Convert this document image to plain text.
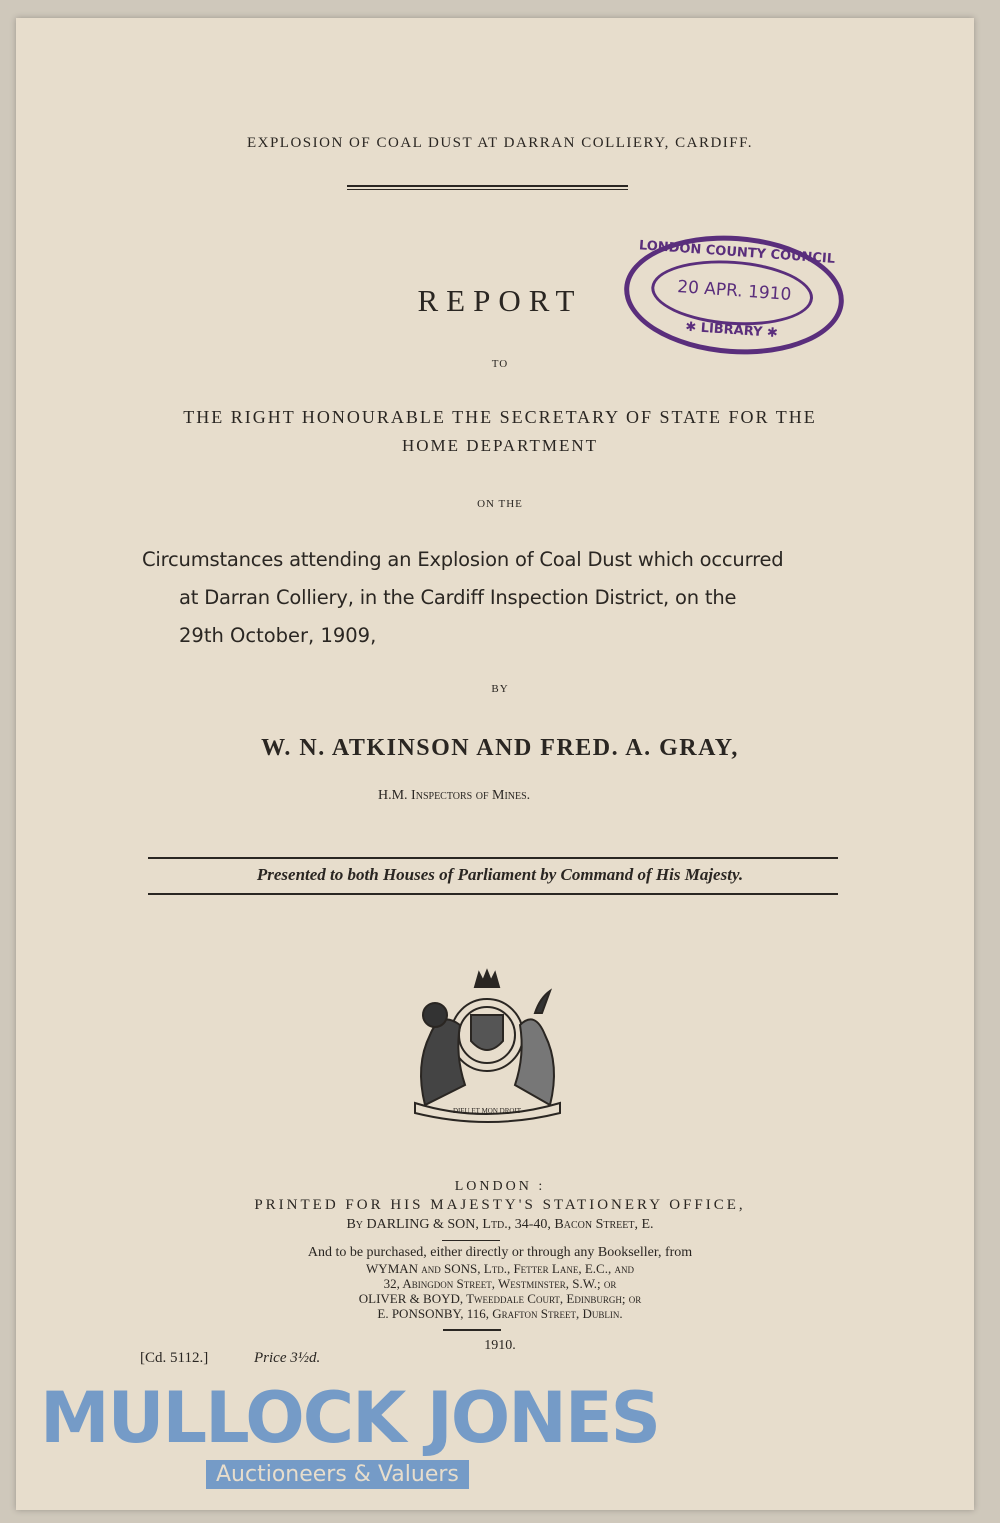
EXPLOSION OF COAL DUST AT DARRAN COLLIERY, CARDIFF.
REPORT
TO
THE RIGHT HONOURABLE THE SECRETARY OF STATE FOR THE
HOME DEPARTMENT
ON THE
Circumstances attending an Explosion of Coal Dust which occurred
at Darran Colliery, in the Cardiff Inspection District, on the
29th October, 1909,
BY
W. N. ATKINSON AND FRED. A. GRAY,
H.M. Inspectors of Mines.
Presented to both Houses of Parliament by Command of His Majesty.
DIEU ET MON DROIT
LONDON :
PRINTED FOR HIS MAJESTY'S STATIONERY OFFICE,
By DARLING & SON, Ltd., 34-40, Bacon Street, E.
And to be purchased, either directly or through any Bookseller, from
WYMAN and SONS, Ltd., Fetter Lane, E.C., and
32, Abingdon Street, Westminster, S.W.; or
OLIVER & BOYD, Tweeddale Court, Edinburgh; or
E. PONSONBY, 116, Grafton Street, Dublin.
1910.
[Cd. 5112.]	Price 3½d.
LONDON COUNTY COUNCIL
20 APR. 1910
✱ LIBRARY ✱
MULLOCK JONES
Auctioneers & Valuers
